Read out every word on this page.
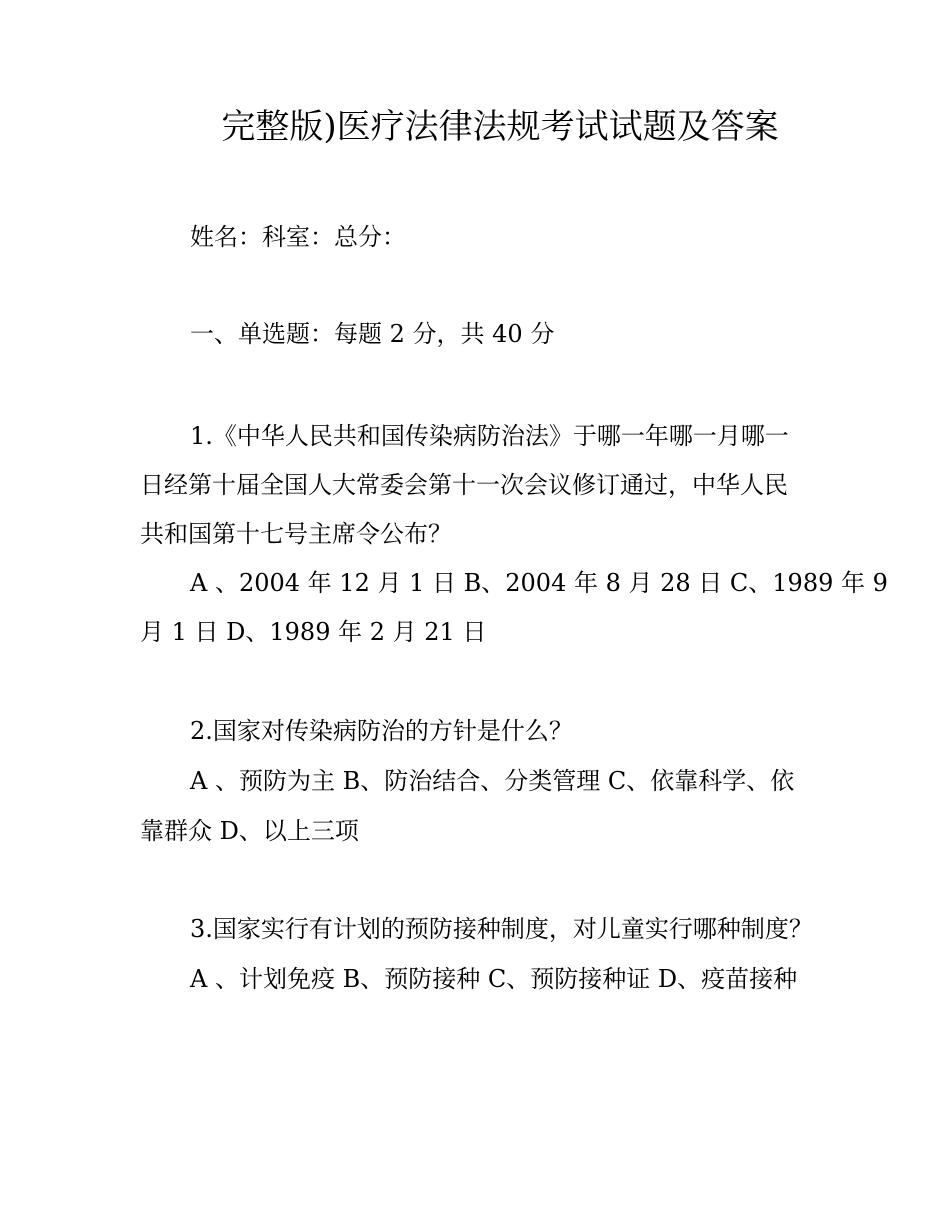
完整版)医疗法律法规考试试题及答案
姓名：科室：总分：
一、单选题：每题 2 分，共 40 分
1.《中华人民共和国传染病防治法》于哪一年哪一月哪一
日经第十届全国人大常委会第十一次会议修订通过，中华人民
共和国第十七号主席令公布？
A 、2004 年 12 月 1 日 B、2004 年 8 月 28 日 C、1989 年 9
月 1 日 D、1989 年 2 月 21 日
2.国家对传染病防治的方针是什么？
A 、预防为主 B、防治结合、分类管理 C、依靠科学、依
靠群众 D、以上三项
3.国家实行有计划的预防接种制度，对儿童实行哪种制度？
A 、计划免疫 B、预防接种 C、预防接种证 D、疫苗接种
